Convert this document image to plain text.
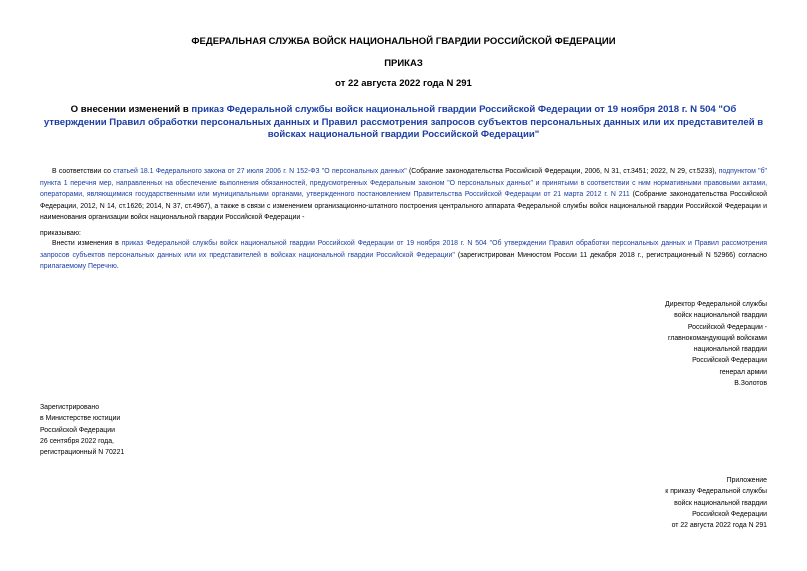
ФЕДЕРАЛЬНАЯ СЛУЖБА ВОЙСК НАЦИОНАЛЬНОЙ ГВАРДИИ РОССИЙСКОЙ ФЕДЕРАЦИИ
ПРИКАЗ
от 22 августа 2022 года N 291
О внесении изменений в приказ Федеральной службы войск национальной гвардии Российской Федерации от 19 ноября 2018 г. N 504 "Об утверждении Правил обработки персональных данных и Правил рассмотрения запросов субъектов персональных данных или их представителей в войсках национальной гвардии Российской Федерации"
В соответствии со статьей 18.1 Федерального закона от 27 июля 2006 г. N 152-ФЗ "О персональных данных" (Собрание законодательства Российской Федерации, 2006, N 31, ст.3451; 2022, N 29, ст.5233), подпунктом "б" пункта 1 перечня мер, направленных на обеспечение выполнения обязанностей, предусмотренных Федеральным законом "О персональных данных" и принятыми в соответствии с ним нормативными правовыми актами, операторами, являющимися государственными или муниципальными органами, утвержденного постановлением Правительства Российской Федерации от 21 марта 2012 г. N 211 (Собрание законодательства Российской Федерации, 2012, N 14, ст.1626; 2014, N 37, ст.4967), а также в связи с изменением организационно-штатного построения центрального аппарата Федеральной службы войск национальной гвардии Российской Федерации и наименования организации войск национальной гвардии Российской Федерации -
приказываю:
Внести изменения в приказ Федеральной службы войск национальной гвардии Российской Федерации от 19 ноября 2018 г. N 504 "Об утверждении Правил обработки персональных данных и Правил рассмотрения запросов субъектов персональных данных или их представителей в войсках национальной гвардии Российской Федерации" (зарегистрирован Минюстом России 11 декабря 2018 г., регистрационный N 52966) согласно прилагаемому Перечню.
Директор Федеральной службы
войск национальной гвардии
Российской Федерации -
главнокомандующий войсками
национальной гвардии
Российской Федерации
генерал армии
В.Золотов
Зарегистрировано
в Министерстве юстиции
Российской Федерации
26 сентября 2022 года,
регистрационный N 70221
Приложение
к приказу Федеральной службы
войск национальной гвардии
Российской Федерации
от 22 августа 2022 года N 291
